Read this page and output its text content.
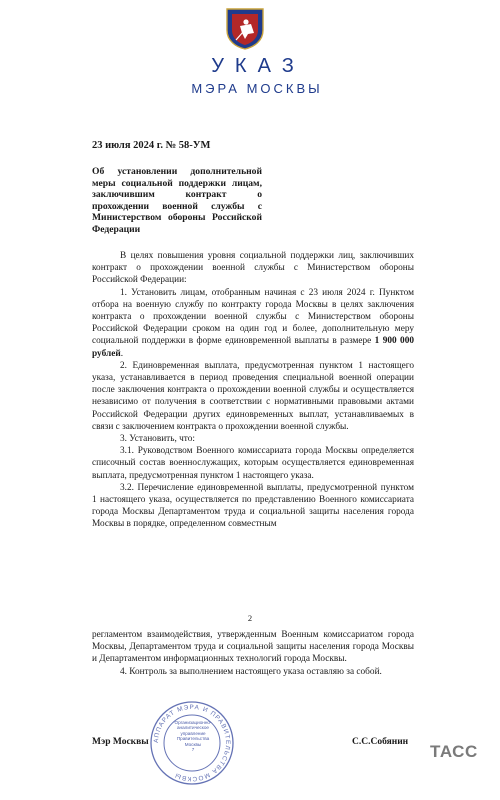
УКАЗ
МЭРА МОСКВЫ
23 июля 2024 г. № 58-УМ
Об установлении дополнительной меры социальной поддержки лицам, заключившим контракт о прохождении военной службы с Министерством обороны Российской Федерации

В целях повышения уровня социальной поддержки лиц, заключивших контракт о прохождении военной службы с Министерством обороны Российской Федерации:

1. Установить лицам, отобранным начиная с 23 июля 2024 г. Пунктом отбора на военную службу по контракту города Москвы в целях заключения контракта о прохождении военной службы с Министерством обороны Российской Федерации сроком на один год и более, дополнительную меру социальной поддержки в форме единовременной выплаты в размере 1 900 000 рублей.

2. Единовременная выплата, предусмотренная пунктом 1 настоящего указа, устанавливается в период проведения специальной военной операции после заключения контракта о прохождении военной службы и осуществляется независимо от получения в соответствии с нормативными правовыми актами Российской Федерации других единовременных выплат, устанавливаемых в связи с заключением контракта о прохождении военной службы.

3. Установить, что:

3.1. Руководством Военного комиссариата города Москвы определяется списочный состав военнослужащих, которым осуществляется единовременная выплата, предусмотренная пунктом 1 настоящего указа.

3.2. Перечисление единовременной выплаты, предусмотренной пунктом 1 настоящего указа, осуществляется по представлению Военного комиссариата города Москвы Департаментом труда и социальной защиты населения города Москвы в порядке, определенном совместным

2

регламентом взаимодействия, утвержденным Военным комиссариатом города Москвы, Департаментом труда и социальной защиты населения города Москвы и Департаментом информационных технологий города Москвы.

4. Контроль за выполнением настоящего указа оставляю за собой.

АППАРАТ МЭРА И ПРАВИТЕЛЬСТВА МОСКВЫ
Организационно-аналитическое управление Правительства Москвы
7
Мэр Москвы	С.С.Собянин ТАСС
